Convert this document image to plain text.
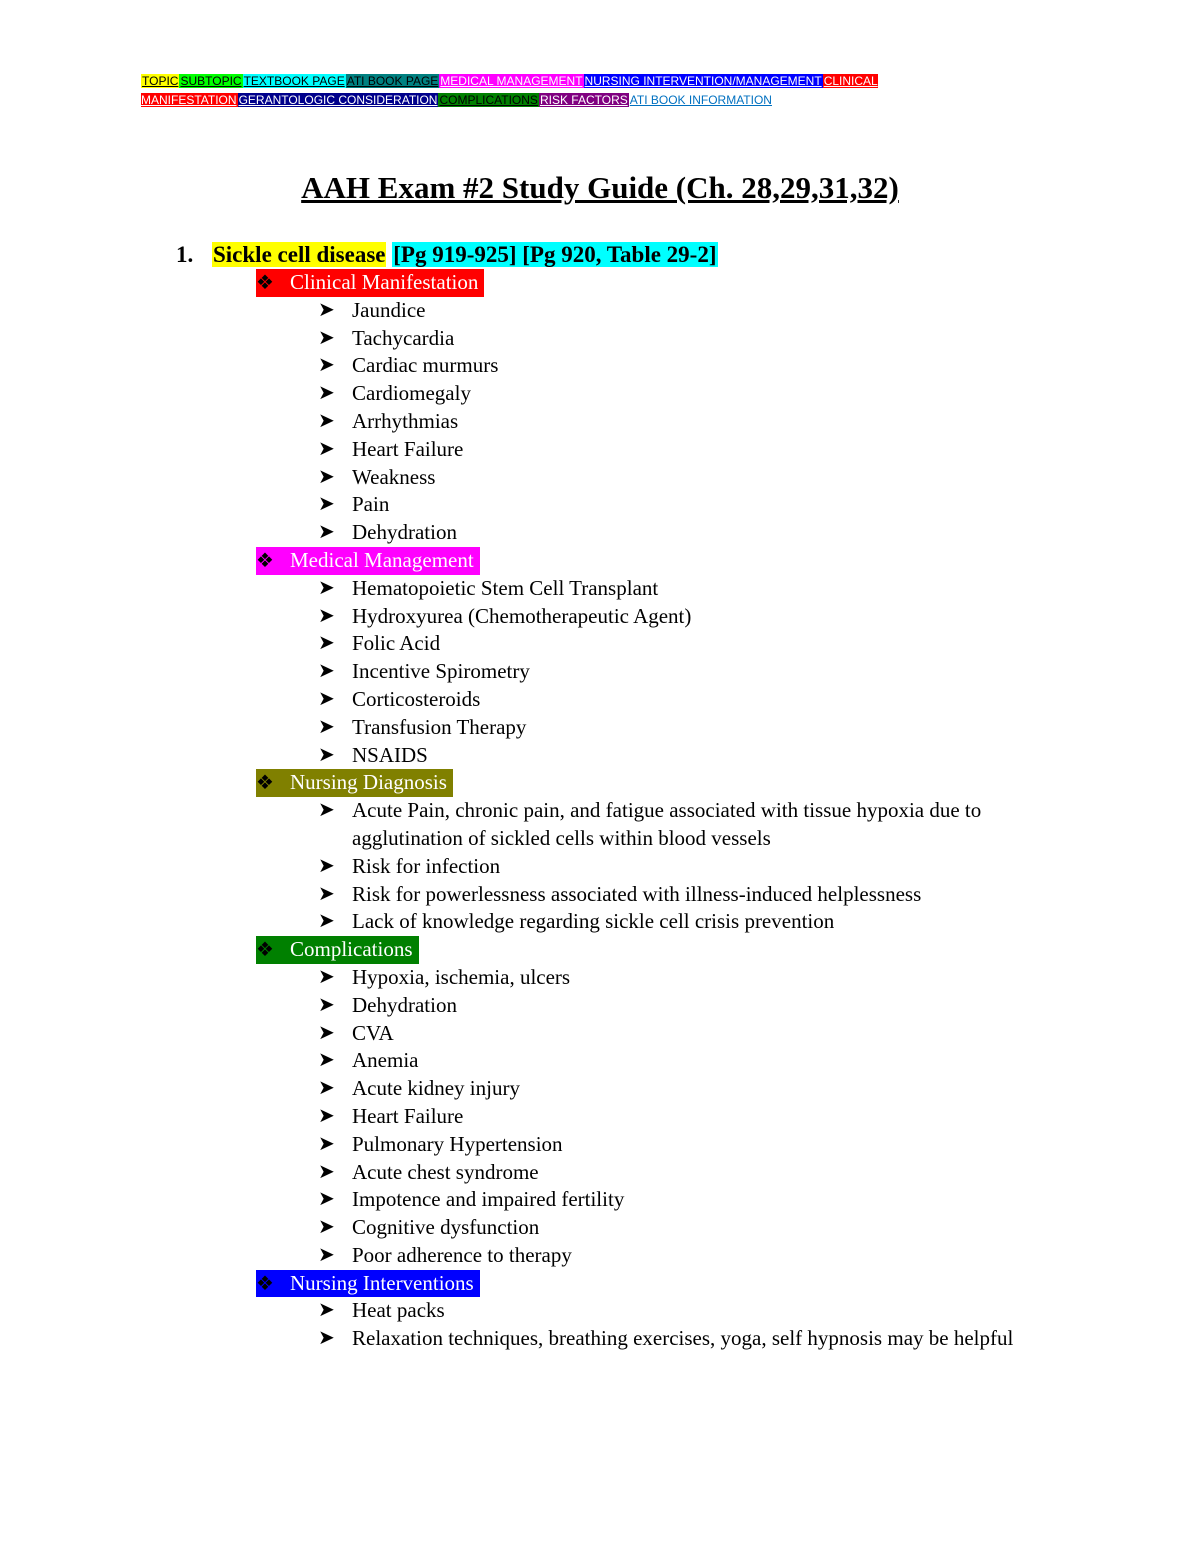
TOPIC SUBTOPIC TEXTBOOK PAGE ATI BOOK PAGE MEDICAL MANAGEMENT NURSING INTERVENTION/MANAGEMENT CLINICAL MANIFESTATION GERANTOLOGIC CONSIDERATION COMPLICATIONS RISK FACTORS ATI BOOK INFORMATION
AAH Exam #2 Study Guide (Ch. 28,29,31,32)
1. Sickle cell disease [Pg 919-925] [Pg 920, Table 29-2]
❖ Clinical Manifestation
➤ Jaundice
➤ Tachycardia
➤ Cardiac murmurs
➤ Cardiomegaly
➤ Arrhythmias
➤ Heart Failure
➤ Weakness
➤ Pain
➤ Dehydration
❖ Medical Management
➤ Hematopoietic Stem Cell Transplant
➤ Hydroxyurea (Chemotherapeutic Agent)
➤ Folic Acid
➤ Incentive Spirometry
➤ Corticosteroids
➤ Transfusion Therapy
➤ NSAIDS
❖ Nursing Diagnosis
➤ Acute Pain, chronic pain, and fatigue associated with tissue hypoxia due to agglutination of sickled cells within blood vessels
➤ Risk for infection
➤ Risk for powerlessness associated with illness-induced helplessness
➤ Lack of knowledge regarding sickle cell crisis prevention
❖ Complications
➤ Hypoxia, ischemia, ulcers
➤ Dehydration
➤ CVA
➤ Anemia
➤ Acute kidney injury
➤ Heart Failure
➤ Pulmonary Hypertension
➤ Acute chest syndrome
➤ Impotence and impaired fertility
➤ Cognitive dysfunction
➤ Poor adherence to therapy
❖ Nursing Interventions
➤ Heat packs
➤ Relaxation techniques, breathing exercises, yoga, self hypnosis may be helpful
